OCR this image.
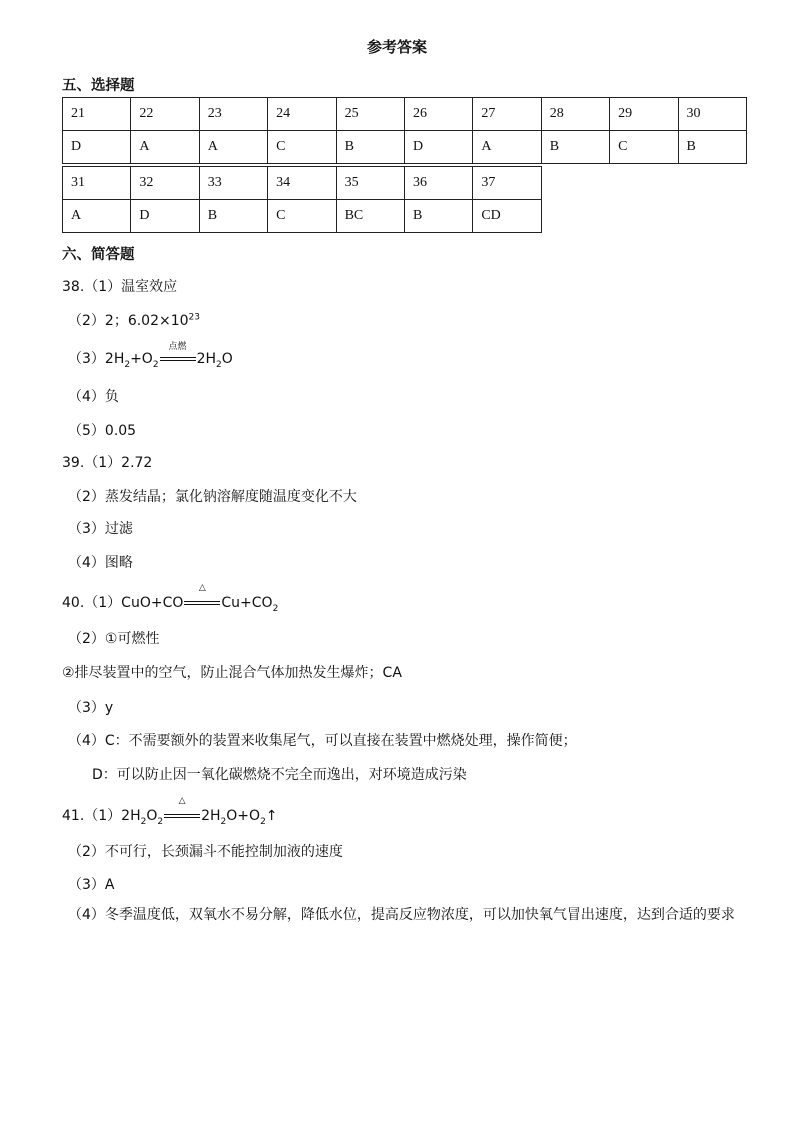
参考答案
五、选择题
21	22	23	24	25	26	27	28	29	30
D	A	A	C	B	D	A	B	C	B
31	32	33	34	35	36	37
A	D	B	C	BC	B	CD
六、简答题
38.（1）温室效应
（2）2；$6.02\times 10^{23}$
$(3)2H_2+O_2$
点燃
$2H_2O$
（4）负
（5）0.05
39.（1）2.72
（2）蒸发结晶；氯化钠溶解度随温度变化不大
（3）过滤
（4）图略
40.（1）CuO+CO
△
$Cu+CO_2$
（2）①可燃性
②排尽装置中的空气，防止混合气体加热发生爆炸；CA
（3）y
（4）C：不需要额外的装置来收集尾气，可以直接在装置中燃烧处理，操作简便；
D：可以防止因一氧化碳燃烧不完全而逸出，对环境造成污染
$41.(1)2H_2O_2$
△
$2H_2O+O_2↑$
（2）不可行，长颈漏斗不能控制加液的速度
（3）A
（4）冬季温度低，双氧水不易分解，降低水位，提高反应物浓度，可以加快氧气冒出速度，达到合适的要求
